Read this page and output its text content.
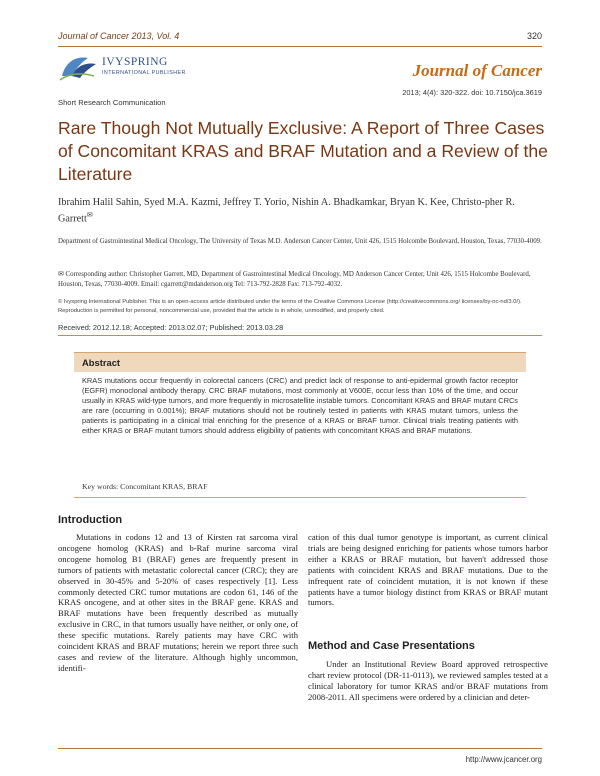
Journal of Cancer 2013, Vol. 4	320
IVYSPRING
INTERNATIONAL PUBLISHER	Journal of Cancer
2013; 4(4): 320-322. doi: 10.7150/jca.3619
Short Research Communication
Rare Though Not Mutually Exclusive: A Report of Three Cases of Concomitant KRAS and BRAF Mutation and a Review of the Literature
Ibrahim Halil Sahin, Syed M.A. Kazmi, Jeffrey T. Yorio, Nishin A. Bhadkamkar, Bryan K. Kee, Christo-pher R. Garrett✉
Department of Gastrointestinal Medical Oncology, The University of Texas M.D. Anderson Cancer Center, Unit 426, 1515 Holcombe Boulevard, Houston, Texas, 77030-4009.
✉ Corresponding author: Christopher Garrett, MD, Department of Gastrointestinal Medical Oncology, MD Anderson Cancer Center, Unit 426, 1515 Holcombe Boulevard, Houston, Texas, 77030-4009. Email: cgarrett@mdanderson.org Tel: 713-792-2828 Fax: 713-792-4032.
© Ivyspring International Publisher. This is an open-access article distributed under the terms of the Creative Commons License (http://creativecommons.org/ licenses/by-nc-nd/3.0/). Reproduction is permitted for personal, noncommercial use, provided that the article is in whole, unmodified, and properly cited.
Received: 2012.12.18; Accepted: 2013.02.07; Published: 2013.03.28
Abstract
KRAS mutations occur frequently in colorectal cancers (CRC) and predict lack of response to anti-epidermal growth factor receptor (EGFR) monoclonal antibody therapy. CRC BRAF mutations, most commonly at V600E, occur less than 10% of the time, and occur usually in KRAS wild-type tumors, and more frequently in microsatellite instable tumors. Concomitant KRAS and BRAF mutant CRCs are rare (occurring in 0.001%); BRAF mutations should not be routinely tested in patients with KRAS mutant tumors, unless the patients is participating in a clinical trial enriching for the presence of a KRAS or BRAF tumor. Clinical trials treating patients with either KRAS or BRAF mutant tumors should address eligibility of patients with concomitant KRAS and BRAF mutations.
Key words: Concomitant KRAS, BRAF
Introduction

Mutations in codons 12 and 13 of Kirsten rat sarcoma viral oncogene homolog (KRAS) and b-Raf murine sarcoma viral oncogene homolog B1 (BRAF) genes are frequently present in tumors of patients with metastatic colorectal cancer (CRC); they are observed in 30-45% and 5-20% of cases respectively [1]. Less commonly detected CRC tumor mutations are codon 61, 146 of the KRAS oncogene, and at other sites in the BRAF gene. KRAS and BRAF mutations have been frequently described as mutually exclusive in CRC, in that tumors usually have neither, or only one, of these specific mutations. Rarely patients may have CRC with coincident KRAS and BRAF mutations; herein we report three such cases and review of the literature. Although highly uncommon, identifi-

cation of this dual tumor genotype is important, as current clinical trials are being designed enriching for patients whose tumors harbor either a KRAS or BRAF mutation, but haven't addressed those patients with coincident KRAS and BRAF mutations. Due to the infrequent rate of coincident mutation, it is not known if these patients have a tumor biology distinct from KRAS or BRAF mutant tumors.

Method and Case Presentations

Under an Institutional Review Board approved retrospective chart review protocol (DR-11-0113), we reviewed samples tested at a clinical laboratory for tumor KRAS and/or BRAF mutations from 2008-2011. All specimens were ordered by a clinician and deter-

http://www.jcancer.org
